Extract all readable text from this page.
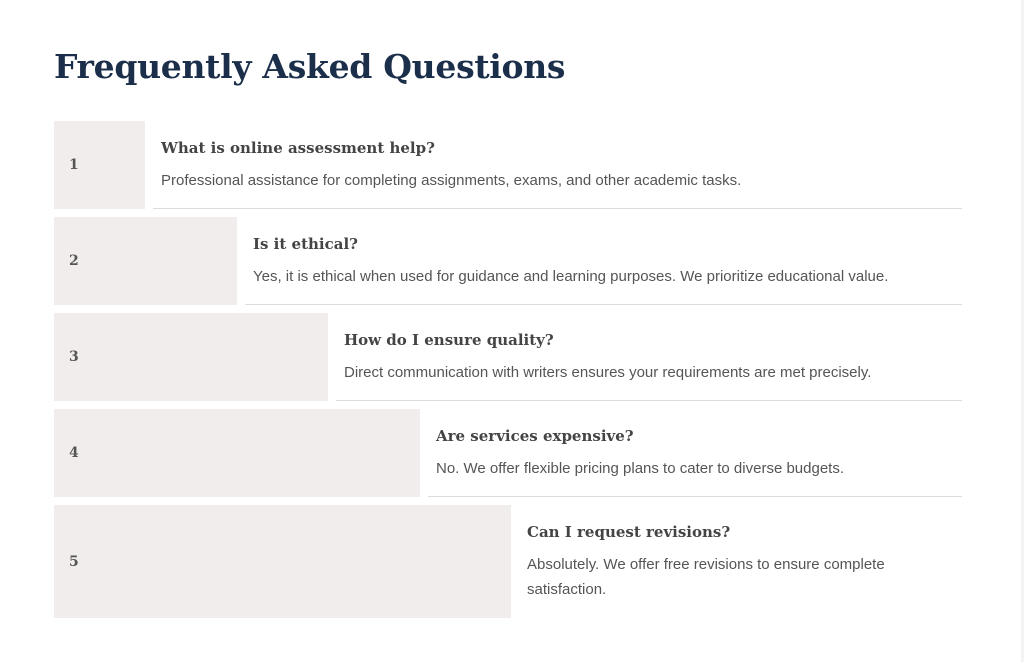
Frequently Asked Questions
1

What is online assessment help?

Professional assistance for completing assignments, exams, and other academic tasks.

2

Is it ethical?

Yes, it is ethical when used for guidance and learning purposes. We prioritize educational value.

3

How do I ensure quality?

Direct communication with writers ensures your requirements are met precisely.

4

Are services expensive?

No. We offer flexible pricing plans to cater to diverse budgets.

5

Can I request revisions?

Absolutely. We offer free revisions to ensure complete satisfaction.
